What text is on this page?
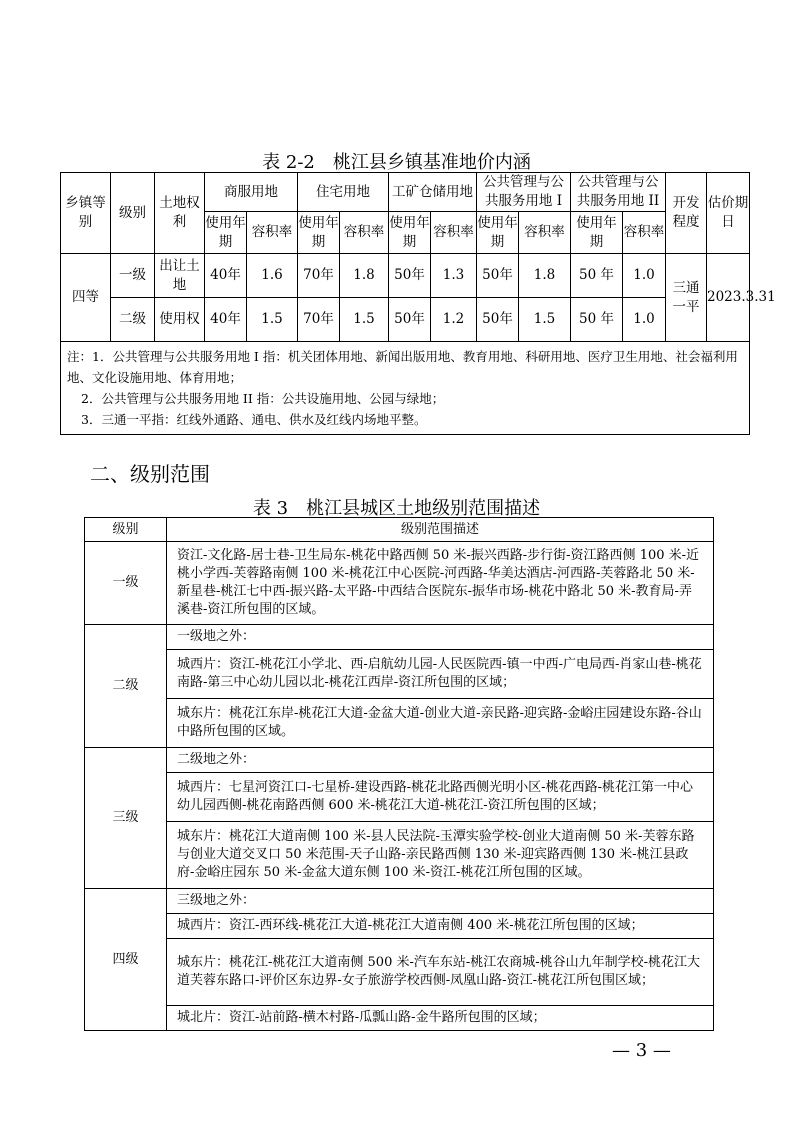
表 2-2　桃江县乡镇基准地价内涵
乡镇等别	级别	土地权利	商服用地		住宅用地		工矿仓储用地		公共管理与公共服务用地 I		公共管理与公共服务用地 II		开发程度	估价期日
			使用年期	容积率	使用年期	容积率	使用年期	容积率	使用年期	容积率	使用年期	容积率		
四等	一级	出让土地	40年	1.6	70年	1.8	50年	1.3	50年	1.8	50 年	1.0	三通一平	2023.3.31
	二级	使用权	40年	1.5	70年	1.5	50年	1.2	50年	1.5	50 年	1.0		

注：1．公共管理与公共服务用地 I 指：机关团体用地、新闻出版用地、教育用地、科研用地、医疗卫生用地、社会福利用地、文化设施用地、体育用地；
2．公共管理与公共服务用地 II 指：公共设施用地、公园与绿地；
3．三通一平指：红线外通路、通电、供水及红线内场地平整。														
二、级别范围
表 3　桃江县城区土地级别范围描述
级别	级别范围描述
一级	资江-文化路-居士巷-卫生局东-桃花中路西侧 50 米-振兴西路-步行街-资江路西侧 100 米-近桃小学西-芙蓉路南侧 100 米-桃花江中心医院-河西路-华美达酒店-河西路-芙蓉路北 50 米-新星巷-桃江七中西-振兴路-太平路-中西结合医院东-振华市场-桃花中路北 50 米-教育局-弄溪巷-资江所包围的区域。
二级	一级地之外：
	城西片：资江-桃花江小学北、西-启航幼儿园-人民医院西-镇一中西-广电局西-肖家山巷-桃花南路-第三中心幼儿园以北-桃花江西岸-资江所包围的区域；
	城东片：桃花江东岸-桃花江大道-金盆大道-创业大道-亲民路-迎宾路-金峪庄园建设东路-谷山中路所包围的区域。
三级	二级地之外：
	城西片：七星河资江口-七星桥-建设西路-桃花北路西侧光明小区-桃花西路-桃花江第一中心幼儿园西侧-桃花南路西侧 600 米-桃花江大道-桃花江-资江所包围的区域；
	城东片：桃花江大道南侧 100 米-县人民法院-玉潭实验学校-创业大道南侧 50 米-芙蓉东路与创业大道交叉口 50 米范围-天子山路-亲民路西侧 130 米-迎宾路西侧 130 米-桃江县政府-金峪庄园东 50 米-金盆大道东侧 100 米-资江-桃花江所包围的区域。
四级	三级地之外：
	城西片：资江-西环线-桃花江大道-桃花江大道南侧 400 米-桃花江所包围的区域；
	城东片：桃花江-桃花江大道南侧 500 米-汽车东站-桃江农商城-桃谷山九年制学校-桃花江大道芙蓉东路口-评价区东边界-女子旅游学校西侧-凤凰山路-资江-桃花江所包围区域；
	城北片：资江-站前路-横木村路-瓜瓢山路-金牛路所包围的区域；
— 3 —
